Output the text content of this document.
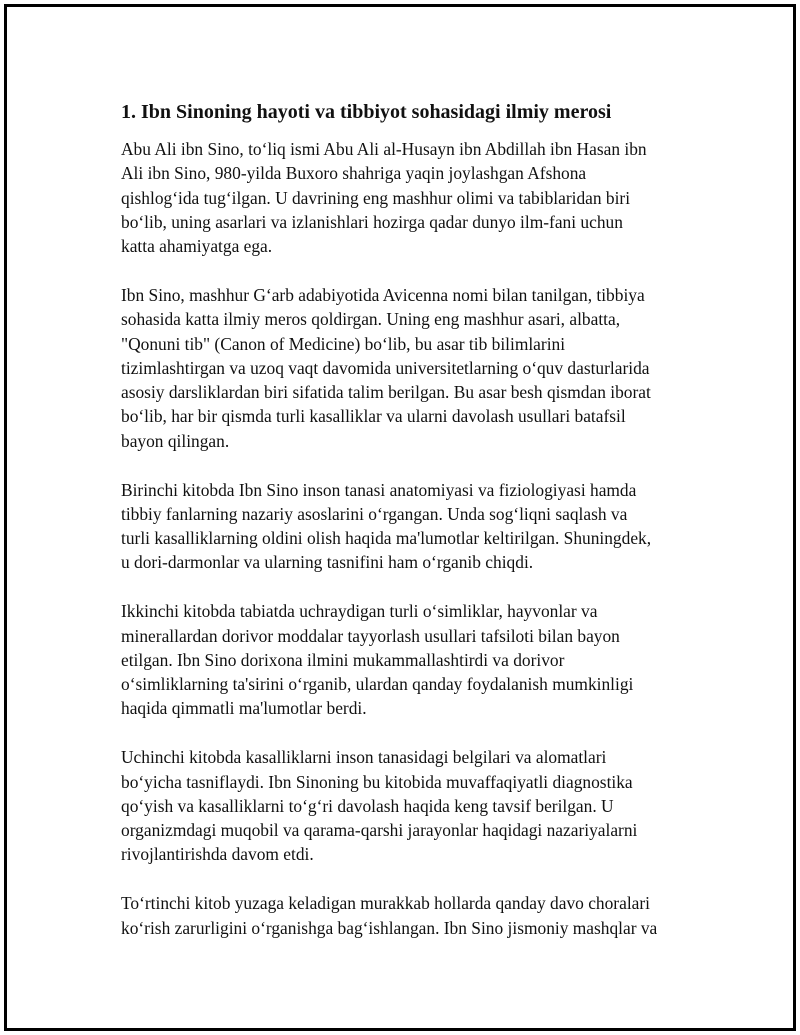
1. Ibn Sinoning hayoti va tibbiyot sohasidagi ilmiy merosi

Abu Ali ibn Sino, to‘liq ismi Abu Ali al-Husayn ibn Abdillah ibn Hasan ibn
Ali ibn Sino, 980-yilda Buxoro shahriga yaqin joylashgan Afshona
qishlog‘ida tug‘ilgan. U davrining eng mashhur olimi va tabiblaridan biri
bo‘lib, uning asarlari va izlanishlari hozirga qadar dunyo ilm-fani uchun
katta ahamiyatga ega.

Ibn Sino, mashhur G‘arb adabiyotida Avicenna nomi bilan tanilgan, tibbiya
sohasida katta ilmiy meros qoldirgan. Uning eng mashhur asari, albatta,
"Qonuni tib" (Canon of Medicine) bo‘lib, bu asar tib bilimlarini
tizimlashtirgan va uzoq vaqt davomida universitetlarning o‘quv dasturlarida
asosiy darsliklardan biri sifatida talim berilgan. Bu asar besh qismdan iborat
bo‘lib, har bir qismda turli kasalliklar va ularni davolash usullari batafsil
bayon qilingan.

Birinchi kitobda Ibn Sino inson tanasi anatomiyasi va fiziologiyasi hamda
tibbiy fanlarning nazariy asoslarini o‘rgangan. Unda sog‘liqni saqlash va
turli kasalliklarning oldini olish haqida ma'lumotlar keltirilgan. Shuningdek,
u dori-darmonlar va ularning tasnifini ham o‘rganib chiqdi.

Ikkinchi kitobda tabiatda uchraydigan turli o‘simliklar, hayvonlar va
minerallardan dorivor moddalar tayyorlash usullari tafsiloti bilan bayon
etilgan. Ibn Sino dorixona ilmini mukammallashtirdi va dorivor
o‘simliklarning ta'sirini o‘rganib, ulardan qanday foydalanish mumkinligi
haqida qimmatli ma'lumotlar berdi.

Uchinchi kitobda kasalliklarni inson tanasidagi belgilari va alomatlari
bo‘yicha tasniflaydi. Ibn Sinoning bu kitobida muvaffaqiyatli diagnostika
qo‘yish va kasalliklarni to‘g‘ri davolash haqida keng tavsif berilgan. U
organizmdagi muqobil va qarama-qarshi jarayonlar haqidagi nazariyalarni
rivojlantirishda davom etdi.

To‘rtinchi kitob yuzaga keladigan murakkab hollarda qanday davo choralari
ko‘rish zarurligini o‘rganishga bag‘ishlangan. Ibn Sino jismoniy mashqlar va
